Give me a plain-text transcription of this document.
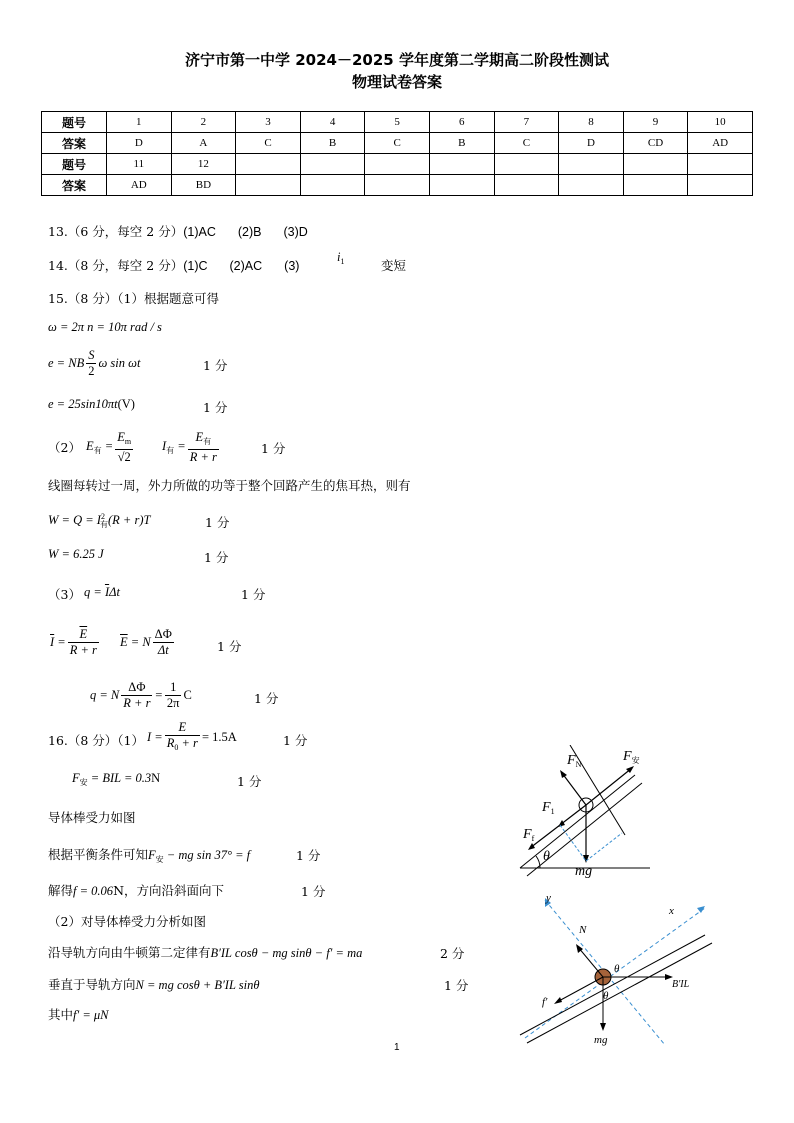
济宁市第一中学 2024－2025 学年度第二学期高二阶段性测试
物理试卷答案
题号	1	2	3	4	5	6	7	8	9	10
答案	D	A	C	B	C	B	C	D	CD	AD
题号	11	12								
答案	AD	BD								
13.（6 分，每空 2 分）(1)AC (2)B (3)D
14.（8 分，每空 2 分）(1)C (2)AC (3)
$i_1$	变短
15.（8 分）（1）根据题意可得
ω = 2π n = 10π rad / s
e = NB $\frac{S}{2}$ ω sin ωt	1 分
e = 25sin10πt(V)	1 分
（2） $E_有 = \frac{E_m}{√2} I_有 = \frac{E_有}{R + r}$	1 分
线圈每转过一周，外力所做的功等于整个回路产生的焦耳热，则有
$W = Q = I^2_有(R + r)T$	1 分
W = 6.25 J	1 分
（3） $q = \overline{I}\Delta t$	1 分
$\overline{I} = \frac{\overline{E}}{R + r} \overline{E} = N \frac{\Delta\Phi}{\Delta t}$	1 分
q = N $\frac{\Delta\Phi}{R + r} = \frac{1}{2\pi}$ C	1 分
16.（8 分）（1） $I = \frac{E}{R_0 + r} = 1.5A$	1 分
$F_安$ = BIL = 0.3N	1 分
导体棒受力如图
根据平衡条件可知$F_安$ − mg sin 37° = f	1 分
解得f = 0.06N，方向沿斜面向下	1 分
（2）对导体棒受力分析如图
沿导轨方向由牛顿第二定律有B′IL cosθ − mg sinθ − f′ = ma	2 分
垂直于导轨方向N = mg cosθ + B′IL sinθ	1 分
其中f′ = μN
$F_N$
$F_安$
$F_1$
$F_f$
θ
mg
y
x
N
θ
θ
B′IL
f′
mg
1
